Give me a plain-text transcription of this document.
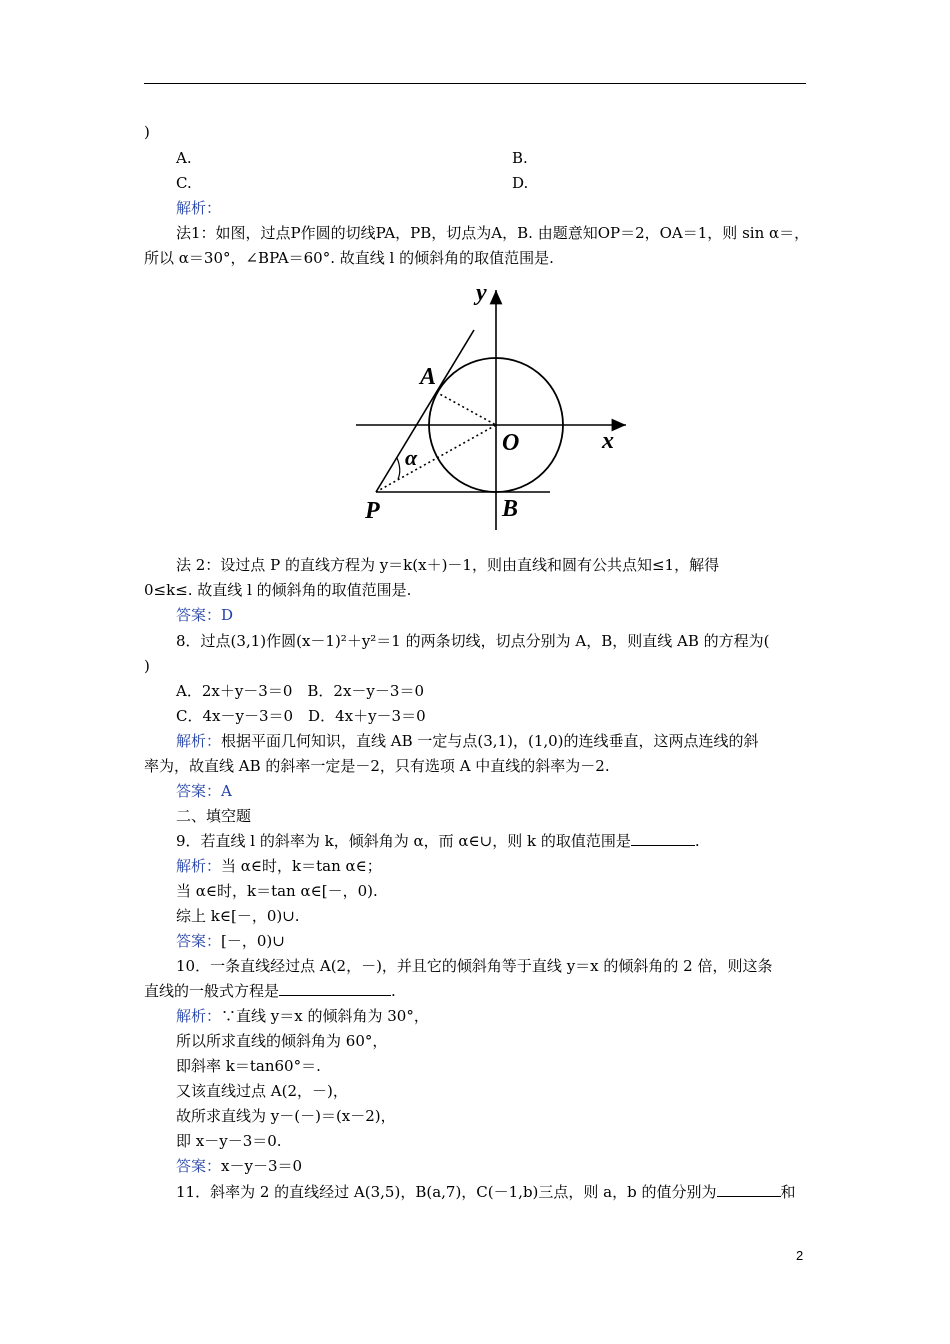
)
A.	B.
C.	D.
解析：
法1：如图，过点P作圆的切线PA，PB，切点为A，B. 由题意知OP＝2，OA＝1，则 sin α＝，
所以 α＝30°，∠BPA＝60°. 故直线 l 的倾斜角的取值范围是.
y
x
O
A
B
P
α
法 2：设过点 P 的直线方程为 y＝k(x＋)－1，则由直线和圆有公共点知≤1，解得
0≤k≤. 故直线 l 的倾斜角的取值范围是.
答案：D
8．过点(3,1)作圆(x－1)²＋y²＝1 的两条切线，切点分别为 A，B，则直线 AB 的方程为(
)
A．2x＋y－3＝0　B．2x－y－3＝0
C．4x－y－3＝0　D．4x＋y－3＝0
解析：根据平面几何知识，直线 AB 一定与点(3,1)，(1,0)的连线垂直，这两点连线的斜
率为，故直线 AB 的斜率一定是－2，只有选项 A 中直线的斜率为－2.
答案：A
二、填空题
9．若直线 l 的斜率为 k，倾斜角为 α，而 α∈∪，则 k 的取值范围是	.
解析：当 α∈时，k＝tan α∈；
当 α∈时，k＝tan α∈[－，0).
综上 k∈[－，0)∪.
答案：[－，0)∪
10．一条直线经过点 A(2，－)，并且它的倾斜角等于直线 y＝x 的倾斜角的 2 倍，则这条
直线的一般式方程是	.
解析：∵直线 y＝x 的倾斜角为 30°，
所以所求直线的倾斜角为 60°，
即斜率 k＝tan60°＝.
又该直线过点 A(2，－)，
故所求直线为 y－(－)＝(x－2)，
即 x－y－3＝0.
答案：x－y－3＝0
11．斜率为 2 的直线经过 A(3,5)，B(a,7)，C(－1,b)三点，则 a，b 的值分别为	和
2
